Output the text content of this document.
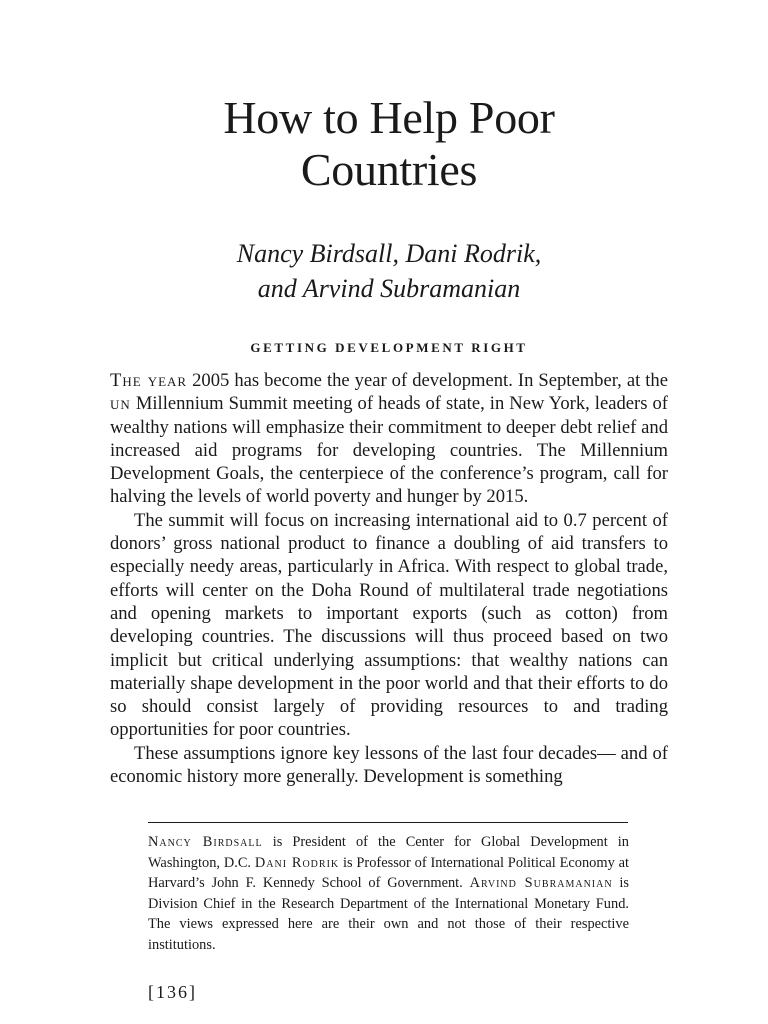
How to Help Poor
Countries
Nancy Birdsall, Dani Rodrik,
and Arvind Subramanian
GETTING DEVELOPMENT RIGHT

The year 2005 has become the year of development. In September, at the un Millennium Summit meeting of heads of state, in New York, leaders of wealthy nations will emphasize their commitment to deeper debt relief and increased aid programs for developing countries. The Millennium Development Goals, the centerpiece of the conference’s program, call for halving the levels of world poverty and hunger by 2015.

The summit will focus on increasing international aid to 0.7 percent of donors’ gross national product to finance a doubling of aid transfers to especially needy areas, particularly in Africa. With respect to global trade, efforts will center on the Doha Round of multilateral trade negotiations and opening markets to important exports (such as cotton) from developing countries. The discussions will thus proceed based on two implicit but critical underlying assumptions: that wealthy nations can materially shape development in the poor world and that their efforts to do so should consist largely of providing resources to and trading opportunities for poor countries.

These assumptions ignore key lessons of the last four decades— and of economic history more generally. Development is something

Nancy Birdsall is President of the Center for Global Development in Washington, D.C. Dani Rodrik is Professor of International Political Economy at Harvard’s John F. Kennedy School of Government. Arvind Subramanian is Division Chief in the Research Department of the International Monetary Fund. The views expressed here are their own and not those of their respective institutions.

[136]
